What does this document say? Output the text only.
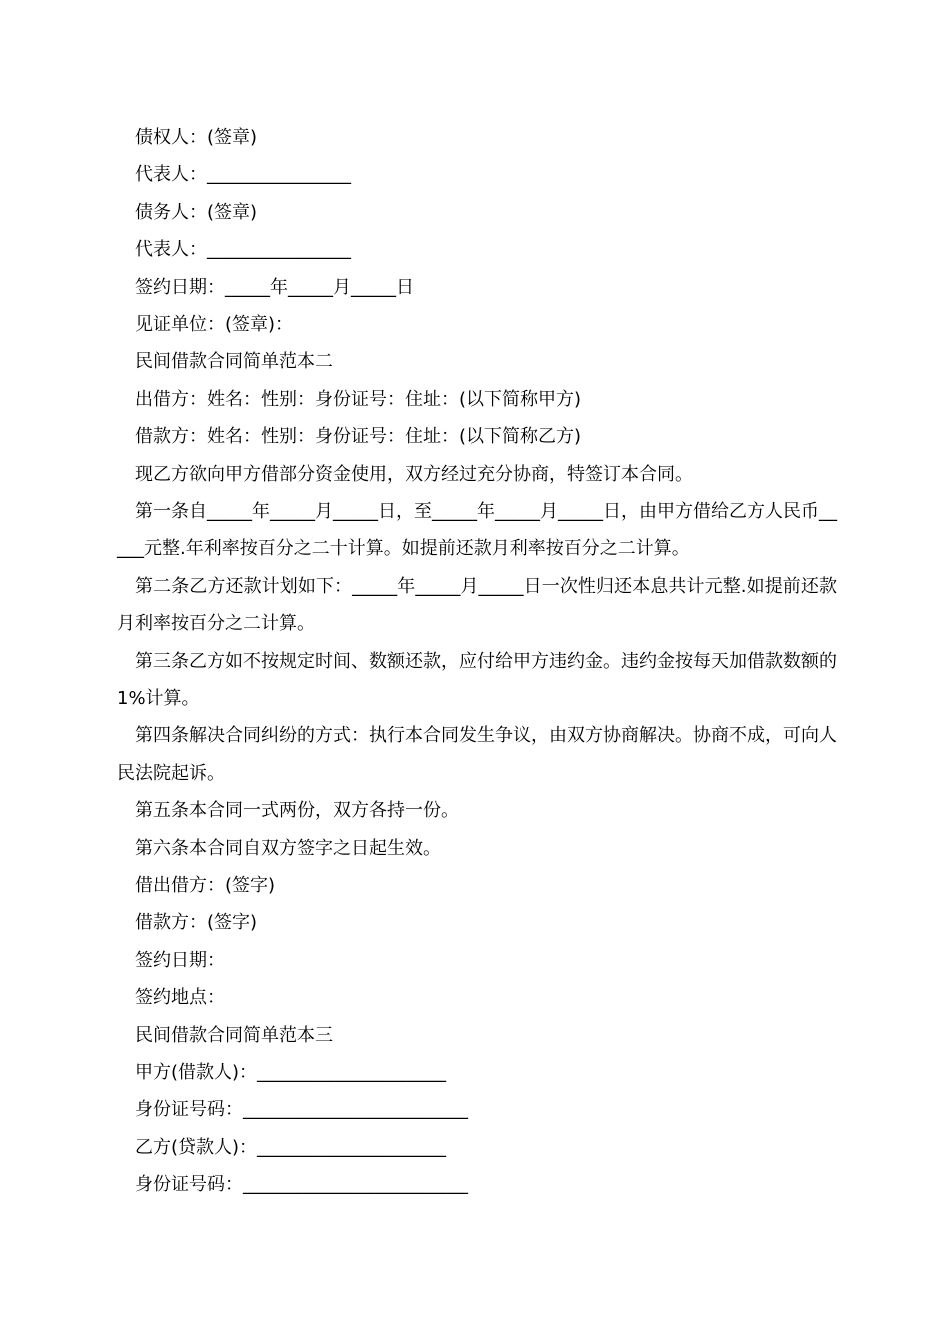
债权人：(签章)
代表人：________________
债务人：(签章)
代表人：________________
签约日期：_____年_____月_____日
见证单位：(签章)：
民间借款合同简单范本二
出借方：姓名：性别：身份证号：住址：(以下简称甲方)
借款方：姓名：性别：身份证号：住址：(以下简称乙方)
现乙方欲向甲方借部分资金使用，双方经过充分协商，特签订本合同。
第一条自_____年_____月_____日，至_____年_____月_____日，由甲方借给乙方人民币_____元整.年利率按百分之二十计算。如提前还款月利率按百分之二计算。
第二条乙方还款计划如下：_____年_____月_____日一次性归还本息共计元整.如提前还款月利率按百分之二计算。
第三条乙方如不按规定时间、数额还款，应付给甲方违约金。违约金按每天加借款数额的1%计算。
第四条解决合同纠纷的方式：执行本合同发生争议，由双方协商解决。协商不成，可向人民法院起诉。
第五条本合同一式两份，双方各持一份。
第六条本合同自双方签字之日起生效。
借出借方：(签字)
借款方：(签字)
签约日期：
签约地点：
民间借款合同简单范本三
甲方(借款人)：_____________________
身份证号码：_________________________
乙方(贷款人)：_____________________
身份证号码：_________________________
